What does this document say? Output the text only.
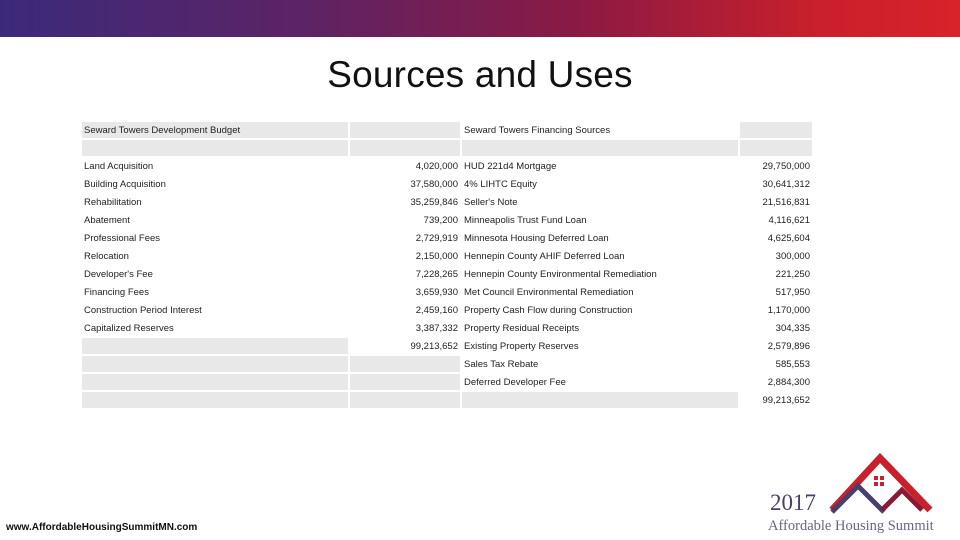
Sources and Uses
Seward Towers Development Budget		Seward Towers Financing Sources	

Land Acquisition	4,020,000	HUD 221d4 Mortgage	29,750,000
Building Acquisition	37,580,000	4% LIHTC Equity	30,641,312
Rehabilitation	35,259,846	Seller's Note	21,516,831
Abatement	739,200	Minneapolis Trust Fund Loan	4,116,621
Professional Fees	2,729,919	Minnesota Housing Deferred Loan	4,625,604
Relocation	2,150,000	Hennepin County AHIF Deferred Loan	300,000
Developer's Fee	7,228,265	Hennepin County Environmental Remediation	221,250
Financing Fees	3,659,930	Met Council Environmental Remediation	517,950
Construction Period Interest	2,459,160	Property Cash Flow during Construction	1,170,000
Capitalized Reserves	3,387,332	Property Residual Receipts	304,335
	99,213,652	Existing Property Reserves	2,579,896
		Sales Tax Rebate	585,553
		Deferred Developer Fee	2,884,300
			99,213,652
www.AffordableHousingSummitMN.com
2017
Affordable Housing Summit
